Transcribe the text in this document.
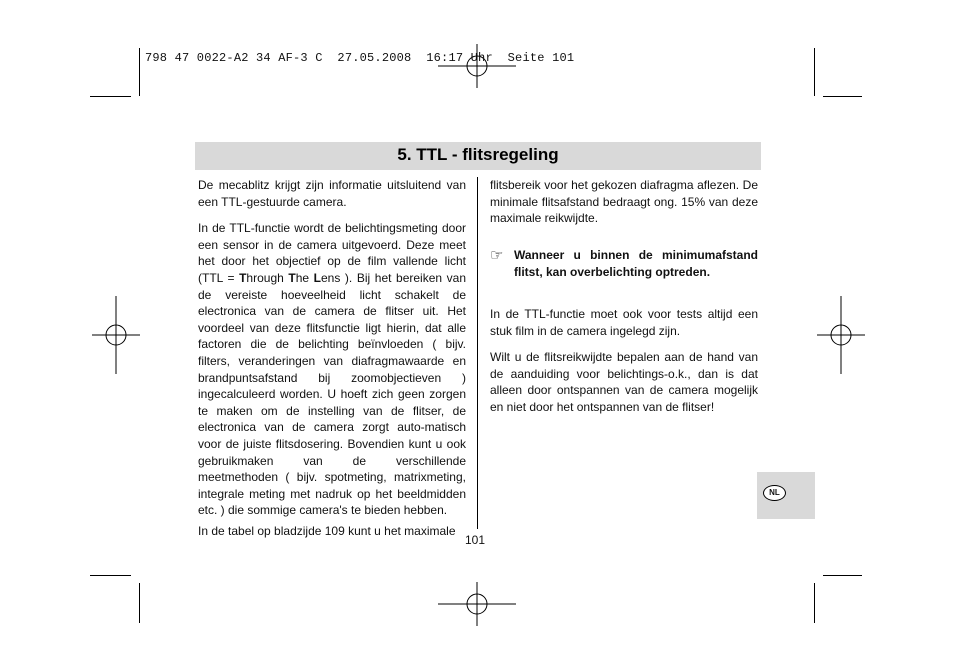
798 47 0022-A2 34 AF-3 C  27.05.2008  16:17 Uhr  Seite 101
5. TTL - flitsregeling

De mecablitz krijgt zijn informatie uitsluitend van een TTL-gestuurde camera.

In de TTL-functie wordt de belichtingsmeting door een sensor in de camera uitgevoerd. Deze meet het door het objectief op de film vallende licht (TTL = Through The Lens ). Bij het bereiken van de vereiste hoeveelheid licht schakelt de electronica van de camera de flitser uit. Het voordeel van deze flitsfunctie ligt hierin, dat alle factoren die de belichting beïnvloeden ( bijv. filters, veranderingen van diafragmawaarde en brandpuntsafstand bij zoomobjectieven ) ingecalculeerd worden. U hoeft zich geen zorgen te maken om de instelling van de flitser, de electronica van de camera zorgt auto-matisch voor de juiste flitsdosering. Bovendien kunt u ook gebruikmaken van de verschillende meetmethoden ( bijv. spotmeting, matrixmeting, integrale meting met nadruk op het beeldmidden etc. ) die sommige camera's te bieden hebben.

In de tabel op bladzijde 109 kunt u het maximale

flitsbereik voor het gekozen diafragma aflezen. De minimale flitsafstand bedraagt ong. 15% van deze maximale reikwijdte.

☞ Wanneer u binnen de minimumafstand flitst, kan overbelichting optreden.

In de TTL-functie moet ook voor tests altijd een stuk film in de camera ingelegd zijn.

Wilt u de flitsreikwijdte bepalen aan de hand van de aanduiding voor belichtings-o.k., dan is dat alleen door ontspannen van de camera mogelijk en niet door het ontspannen van de flitser!

101
NL
